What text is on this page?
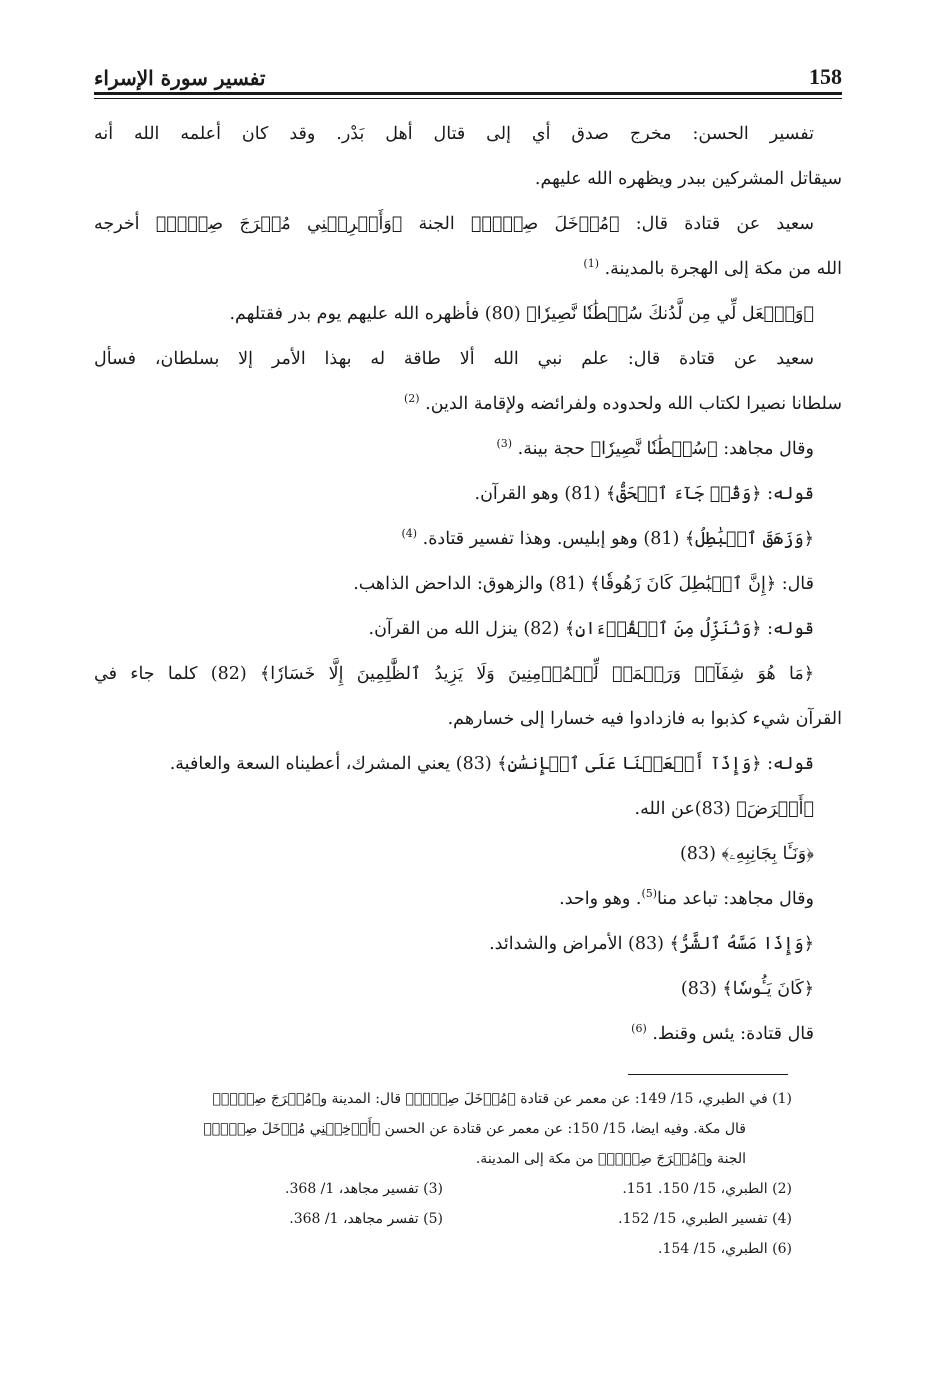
158
تفسير سورة الإسراء
تفسير الحسن: مخرج صدق أي إلى قتال أهل بَدْر. وقد كان أعلمه الله أنه
سيقاتل المشركين ببدر ويظهره الله عليهم.
سعيد عن قتادة قال: ﴿مُدۡخَلَ صِدۡقٖ﴾ الجنة ﴿وَأَخۡرِجۡنِي مُخۡرَجَ صِدۡقٖ﴾ أخرجه
الله من مكة إلى الهجرة بالمدينة. $^{(1)}$
﴿وَٱجۡعَل لِّي مِن لَّدُنكَ سُلۡطَٰنٗا نَّصِيرٗا﴾ (80) فأظهره الله عليهم يوم بدر فقتلهم.
سعيد عن قتادة قال: علم نبي الله ألا طاقة له بهذا الأمر إلا بسلطان، فسأل
سلطانا نصيرا لكتاب الله ولحدوده ولفرائضه ولإقامة الدين. $^{(2)}$
وقال مجاهد: ﴿سُلۡطَٰنٗا نَّصِيرٗا﴾ حجة بينة. $^{(3)}$
قوله: ﴿وَقُلۡ جَآءَ ٱلۡحَقُّ﴾ (81) وهو القرآن.
﴿وَزَهَقَ ٱلۡبَٰطِلُ﴾ (81) وهو إبليس. وهذا تفسير قتادة. $^{(4)}$
قال: ﴿إِنَّ ٱلۡبَٰطِلَ كَانَ زَهُوقٗا﴾ (81) والزهوق: الداحض الذاهب.
قوله: ﴿وَنُنَزِّلُ مِنَ ٱلۡقُرۡءَانِ﴾ (82) ينزل الله من القرآن.
﴿مَا هُوَ شِفَآءٞ وَرَحۡمَةٞ لِّلۡمُؤۡمِنِينَ وَلَا يَزِيدُ ٱلظَّٰلِمِينَ إِلَّا خَسَارٗا﴾ (82) كلما جاء في
القرآن شيء كذبوا به فازدادوا فيه خسارا إلى خسارهم.
قوله: ﴿وَإِذَآ أَنۡعَمۡنَا عَلَى ٱلۡإِنسَٰنِ﴾ (83) يعني المشرك، أعطيناه السعة والعافية.
﴿أَعۡرَضَ﴾ (83)عن الله.
﴿وَنَـَٔا بِجَانِبِهِۦ﴾ (83)
وقال مجاهد: تباعد منا$^{(5)}$. وهو واحد.
﴿وَإِذَا مَسَّهُ ٱلشَّرُّ﴾ (83) الأمراض والشدائد.
﴿كَانَ يَـُٔوسٗا﴾ (83)
قال قتادة: يئس وقنط. $^{(6)}$
(1) في الطبري، 15/ 149: عن معمر عن قتادة ﴿مُدۡخَلَ صِدۡقٖ﴾ قال: المدينة و﴿مُخۡرَجَ صِدۡقٖ﴾
قال مكة. وفيه ايضا، 15/ 150: عن معمر عن قتادة عن الحسن ﴿أَدۡخِلۡنِي مُدۡخَلَ صِدۡقٖ﴾
الجنة و﴿مُخۡرَجَ صِدۡقٖ﴾ من مكة إلى المدينة.
(2) الطبري، 15/ 150. 151.
(3) تفسير مجاهد، 1/ 368.
(4) تفسير الطبري، 15/ 152.
(5) تفسر مجاهد، 1/ 368.
(6) الطبري، 15/ 154.
